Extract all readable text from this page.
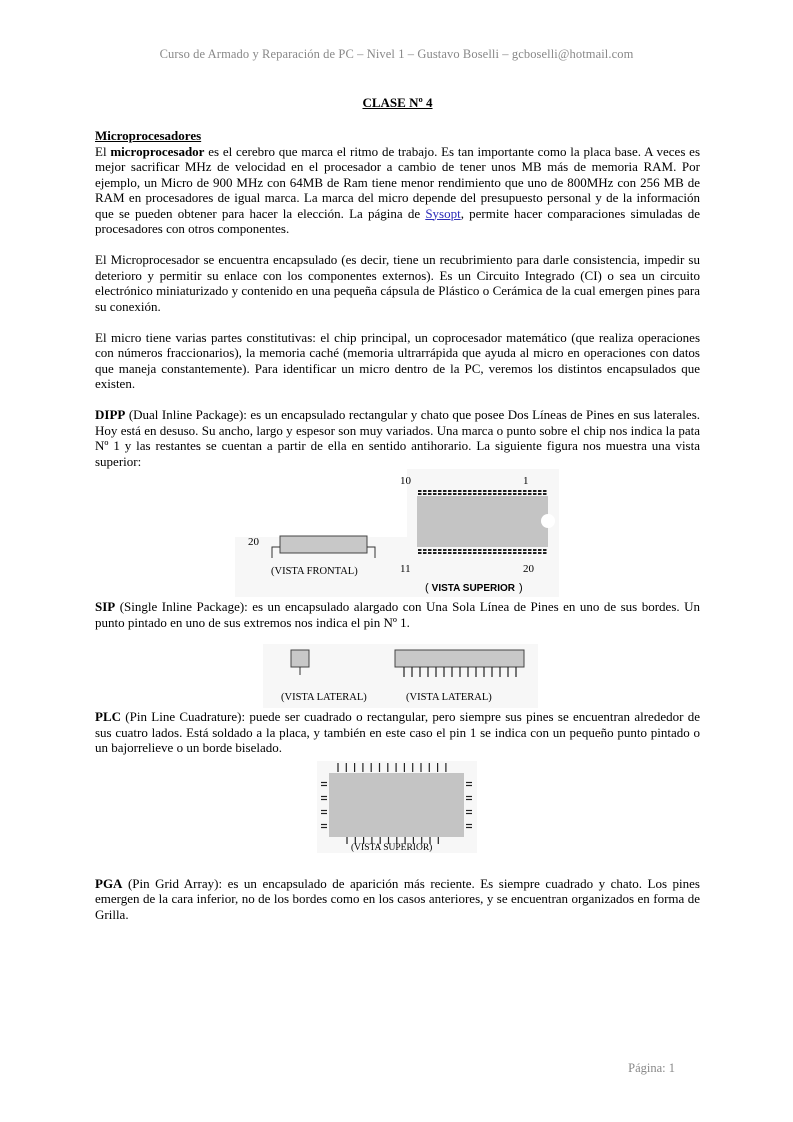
Curso de Armado y Reparación de PC – Nivel 1 – Gustavo Boselli – gcboselli@hotmail.com
CLASE Nº 4
Microprocesadores

El microprocesador es el cerebro que marca el ritmo de trabajo. Es tan importante como la placa base. A veces es mejor sacrificar MHz de velocidad en el procesador a cambio de tener unos MB más de memoria RAM. Por ejemplo, un Micro de 900 MHz con 64MB de Ram tiene menor rendimiento que uno de 800MHz con 256 MB de RAM en procesadores de igual marca. La marca del micro depende del presupuesto personal y de la información que se pueden obtener para hacer la elección. La página de Sysopt, permite hacer comparaciones simuladas de procesadores con otros componentes.

El Microprocesador se encuentra encapsulado (es decir, tiene un recubrimiento para darle consistencia, impedir su deterioro y permitir su enlace con los componentes externos). Es un Circuito Integrado (CI) o sea un circuito electrónico miniaturizado y contenido en una pequeña cápsula de Plástico o Cerámica de la cual emergen pines para su conexión.

El micro tiene varias partes constitutivas: el chip principal, un coprocesador matemático (que realiza operaciones con números fraccionarios), la memoria caché (memoria ultrarrápida que ayuda al micro en operaciones con datos que maneja constantemente). Para identificar un micro dentro de la PC, veremos los distintos encapsulados que existen.

DIPP (Dual Inline Package): es un encapsulado rectangular y chato que posee Dos Líneas de Pines en sus laterales. Hoy está en desuso. Su ancho, largo y espesor son muy variados. Una marca o punto sobre el chip nos indica la pata Nº 1 y las restantes se cuentan a partir de ella en sentido antihorario. La siguiente figura nos muestra una vista superior:

20
(VISTA FRONTAL)
10	1
11	20
( VISTA SUPERIOR )

SIP (Single Inline Package): es un encapsulado alargado con Una Sola Línea de Pines en uno de sus bordes. Un punto pintado en uno de sus extremos nos indica el pin Nº 1.

(VISTA LATERAL)	(VISTA LATERAL)

PLC (Pin Line Cuadrature): puede ser cuadrado o rectangular, pero siempre sus pines se encuentran alrededor de sus cuatro lados. Está soldado a la placa, y también en este caso el pin 1 se indica con un pequeño punto pintado o un bajorrelieve o un borde biselado.

(VISTA SUPERIOR)

PGA (Pin Grid Array): es un encapsulado de aparición más reciente. Es siempre cuadrado y chato. Los pines emergen de la cara inferior, no de los bordes como en los casos anteriores, y se encuentran organizados en forma de Grilla.

Página: 1
